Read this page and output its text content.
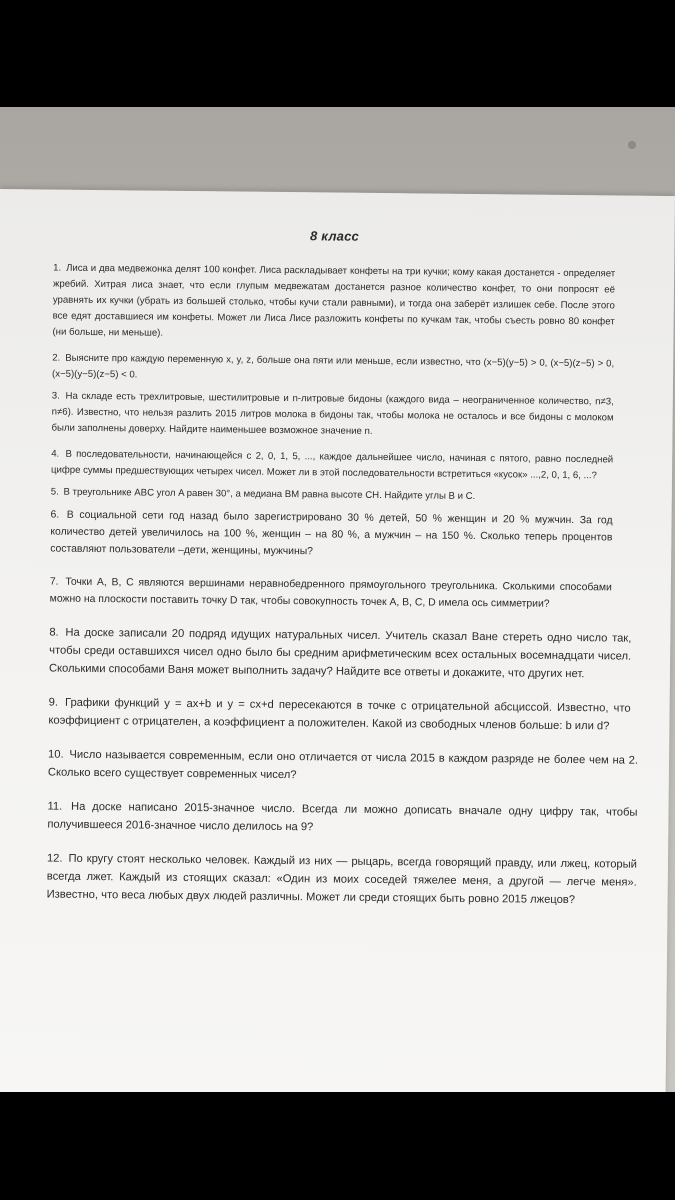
8 класс
1. Лиса и два медвежонка делят 100 конфет. Лиса раскладывает конфеты на три кучки; кому какая достанется - определяет жребий. Хитрая лиса знает, что если глупым медвежатам достанется разное количество конфет, то они попросят её уравнять их кучки (убрать из большей столько, чтобы кучи стали равными), и тогда она заберёт излишек себе. После этого все едят доставшиеся им конфеты. Может ли Лиса Лисе разложить конфеты по кучкам так, чтобы съесть ровно 80 конфет (ни больше, ни меньше).
2. Выясните про каждую переменную x, y, z, больше она пяти или меньше, если известно, что (x−5)(y−5) > 0, (x−5)(z−5) > 0, (x−5)(y−5)(z−5) < 0.
3. На складе есть трехлитровые, шестилитровые и n-литровые бидоны (каждого вида – неограниченное количество, n≠3, n≠6). Известно, что нельзя разлить 2015 литров молока в бидоны так, чтобы молока не осталось и все бидоны с молоком были заполнены доверху. Найдите наименьшее возможное значение n.
4. В последовательности, начинающейся с 2, 0, 1, 5, ..., каждое дальнейшее число, начиная с пятого, равно последней цифре суммы предшествующих четырех чисел. Может ли в этой последовательности встретиться «кусок» ...,2, 0, 1, 6, ...?
5. В треугольнике ABC угол A равен 30°, а медиана BM равна высоте CH. Найдите углы B и C.
6. В социальной сети год назад было зарегистрировано 30 % детей, 50 % женщин и 20 % мужчин. За год количество детей увеличилось на 100 %, женщин – на 80 %, а мужчин – на 150 %. Сколько теперь процентов составляют пользователи –дети, женщины, мужчины?
7. Точки A, B, C являются вершинами неравнобедренного прямоугольного треугольника. Сколькими способами можно на плоскости поставить точку D так, чтобы совокупность точек A, B, C, D имела ось симметрии?
8. На доске записали 20 подряд идущих натуральных чисел. Учитель сказал Ване стереть одно число так, чтобы среди оставшихся чисел одно было бы средним арифметическим всех остальных восемнадцати чисел. Сколькими способами Ваня может выполнить задачу? Найдите все ответы и докажите, что других нет.
9. Графики функций y = ax+b и y = cx+d пересекаются в точке с отрицательной абсциссой. Известно, что коэффициент c отрицателен, а коэффициент a положителен. Какой из свободных членов больше: b или d?
10. Число называется современным, если оно отличается от числа 2015 в каждом разряде не более чем на 2. Сколько всего существует современных чисел?
11. На доске написано 2015-значное число. Всегда ли можно дописать вначале одну цифру так, чтобы получившееся 2016-значное число делилось на 9?
12. По кругу стоят несколько человек. Каждый из них — рыцарь, всегда говорящий правду, или лжец, который всегда лжет. Каждый из стоящих сказал: «Один из моих соседей тяжелее меня, а другой — легче меня». Известно, что веса любых двух людей различны. Может ли среди стоящих быть ровно 2015 лжецов?
